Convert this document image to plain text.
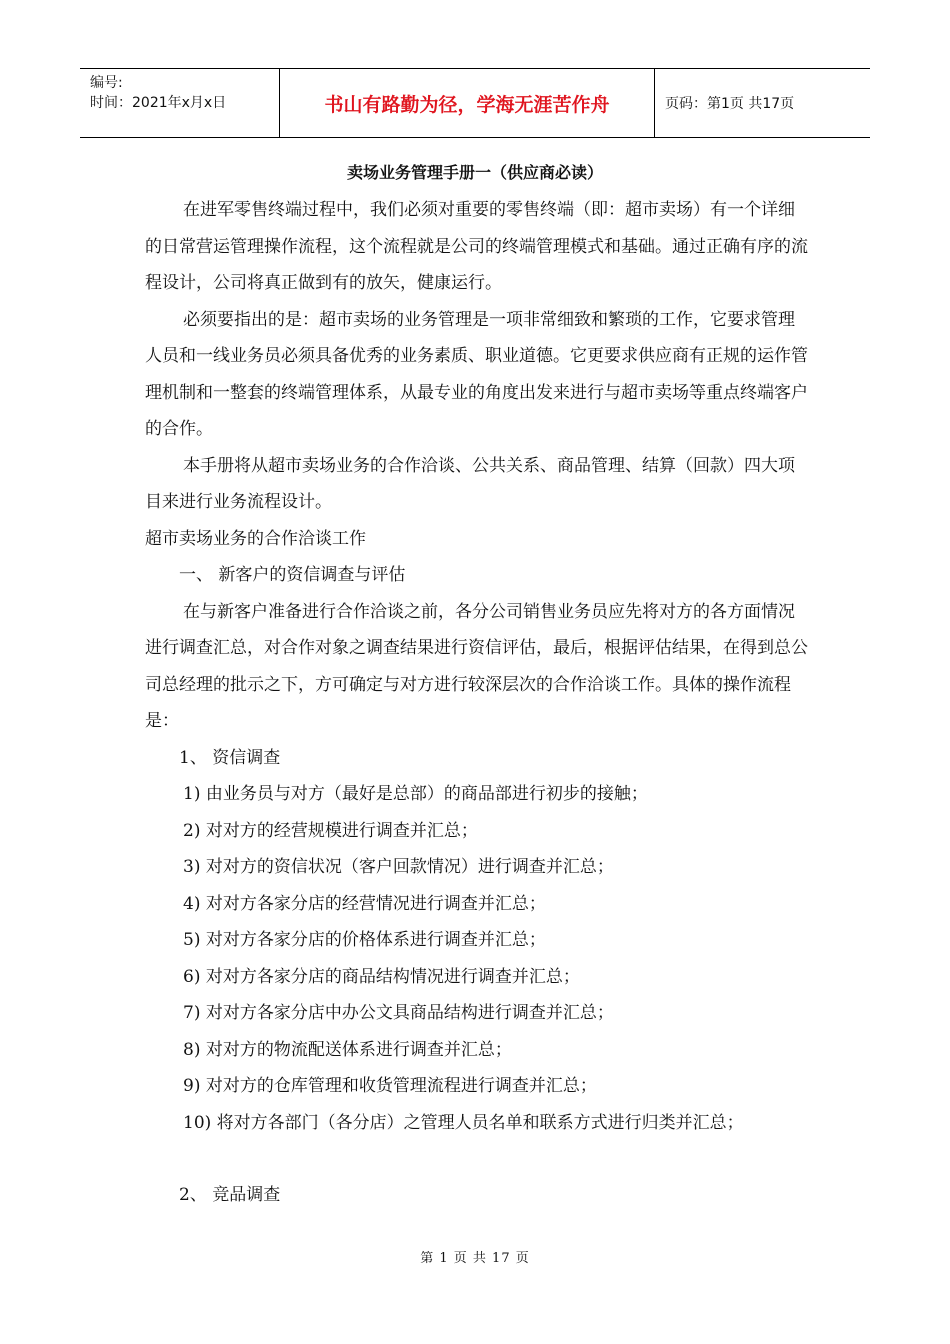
编号:
时间：2021年x月x日	书山有路勤为径，学海无涯苦作舟	页码：第1页 共17页
卖场业务管理手册一（供应商必读）

在进军零售终端过程中，我们必须对重要的零售终端（即：超市卖场）有一个详细的日常营运管理操作流程，这个流程就是公司的终端管理模式和基础。通过正确有序的流程设计，公司将真正做到有的放矢，健康运行。

必须要指出的是：超市卖场的业务管理是一项非常细致和繁琐的工作，它要求管理人员和一线业务员必须具备优秀的业务素质、职业道德。它更要求供应商有正规的运作管理机制和一整套的终端管理体系，从最专业的角度出发来进行与超市卖场等重点终端客户的合作。

本手册将从超市卖场业务的合作洽谈、公共关系、商品管理、结算（回款）四大项目来进行业务流程设计。

超市卖场业务的合作洽谈工作

一、 新客户的资信调查与评估

在与新客户准备进行合作洽谈之前，各分公司销售业务员应先将对方的各方面情况进行调查汇总，对合作对象之调查结果进行资信评估，最后，根据评估结果，在得到总公司总经理的批示之下，方可确定与对方进行较深层次的合作洽谈工作。具体的操作流程是：

1、 资信调查

1) 由业务员与对方（最好是总部）的商品部进行初步的接触；

2) 对对方的经营规模进行调查并汇总；

3) 对对方的资信状况（客户回款情况）进行调查并汇总；

4) 对对方各家分店的经营情况进行调查并汇总；

5) 对对方各家分店的价格体系进行调查并汇总；

6) 对对方各家分店的商品结构情况进行调查并汇总；

7) 对对方各家分店中办公文具商品结构进行调查并汇总；

8) 对对方的物流配送体系进行调查并汇总；

9) 对对方的仓库管理和收货管理流程进行调查并汇总；

10) 将对方各部门（各分店）之管理人员名单和联系方式进行归类并汇总；

2、 竞品调查

第 1 页 共 17 页
